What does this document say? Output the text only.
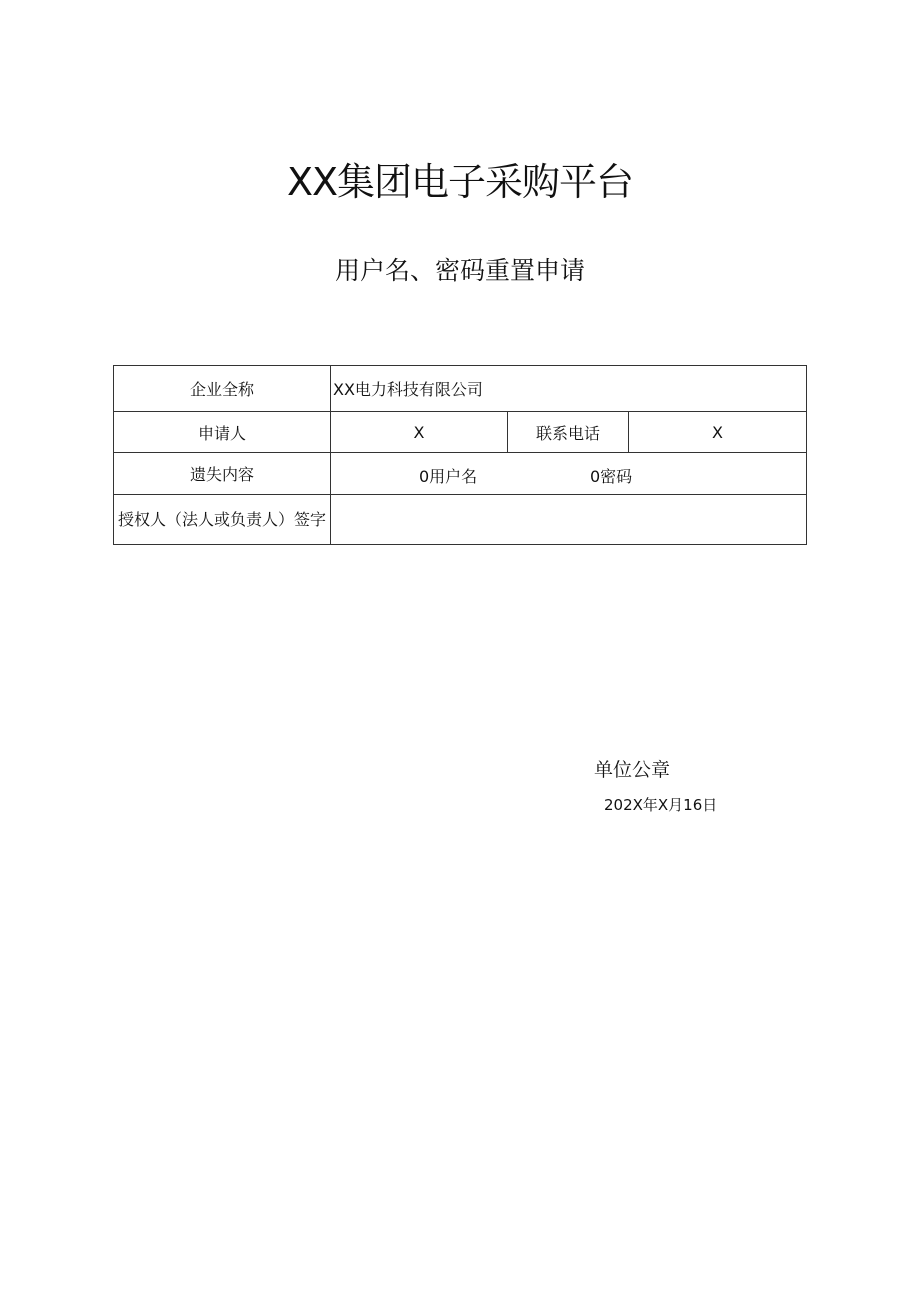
XX集团电子采购平台
用户名、密码重置申请
企业全称	XX电力科技有限公司		
申请人	X	联系电话	X
遗失内容	0用户名 0密码		

授权人（法人或负责人）签字			
单位公章
202X年X月16日
